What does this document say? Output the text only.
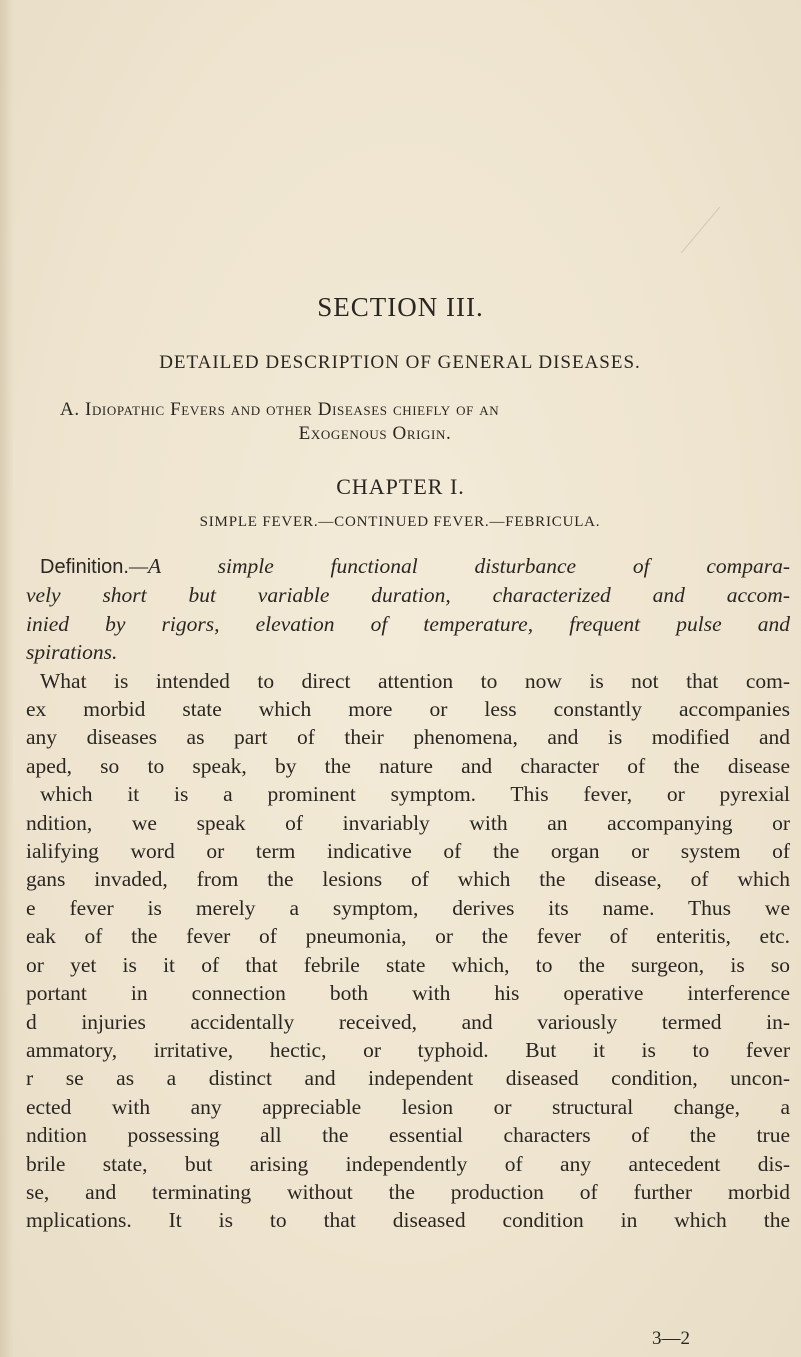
SECTION III.
DETAILED DESCRIPTION OF GENERAL DISEASES.
A. Idiopathic Fevers and other Diseases chiefly of an
Exogenous Origin.
CHAPTER I.
SIMPLE FEVER.—CONTINUED FEVER.—FEBRICULA.
Definition.—A simple functional disturbance of compara-
vely short but variable duration, characterized and accom-
inied by rigors, elevation of temperature, frequent pulse and
spirations.
What is intended to direct attention to now is not that com-
ex morbid state which more or less constantly accompanies
any diseases as part of their phenomena, and is modified and
aped, so to speak, by the nature and character of the disease
which it is a prominent symptom. This fever, or pyrexial
ndition, we speak of invariably with an accompanying or
ialifying word or term indicative of the organ or system of
gans invaded, from the lesions of which the disease, of which
e fever is merely a symptom, derives its name. Thus we
eak of the fever of pneumonia, or the fever of enteritis, etc.
or yet is it of that febrile state which, to the surgeon, is so
portant in connection both with his operative interference
d injuries accidentally received, and variously termed in-
ammatory, irritative, hectic, or typhoid. But it is to fever
r se as a distinct and independent diseased condition, uncon-
ected with any appreciable lesion or structural change, a
ndition possessing all the essential characters of the true
brile state, but arising independently of any antecedent dis-
se, and terminating without the production of further morbid
mplications. It is to that diseased condition in which the
3—2
